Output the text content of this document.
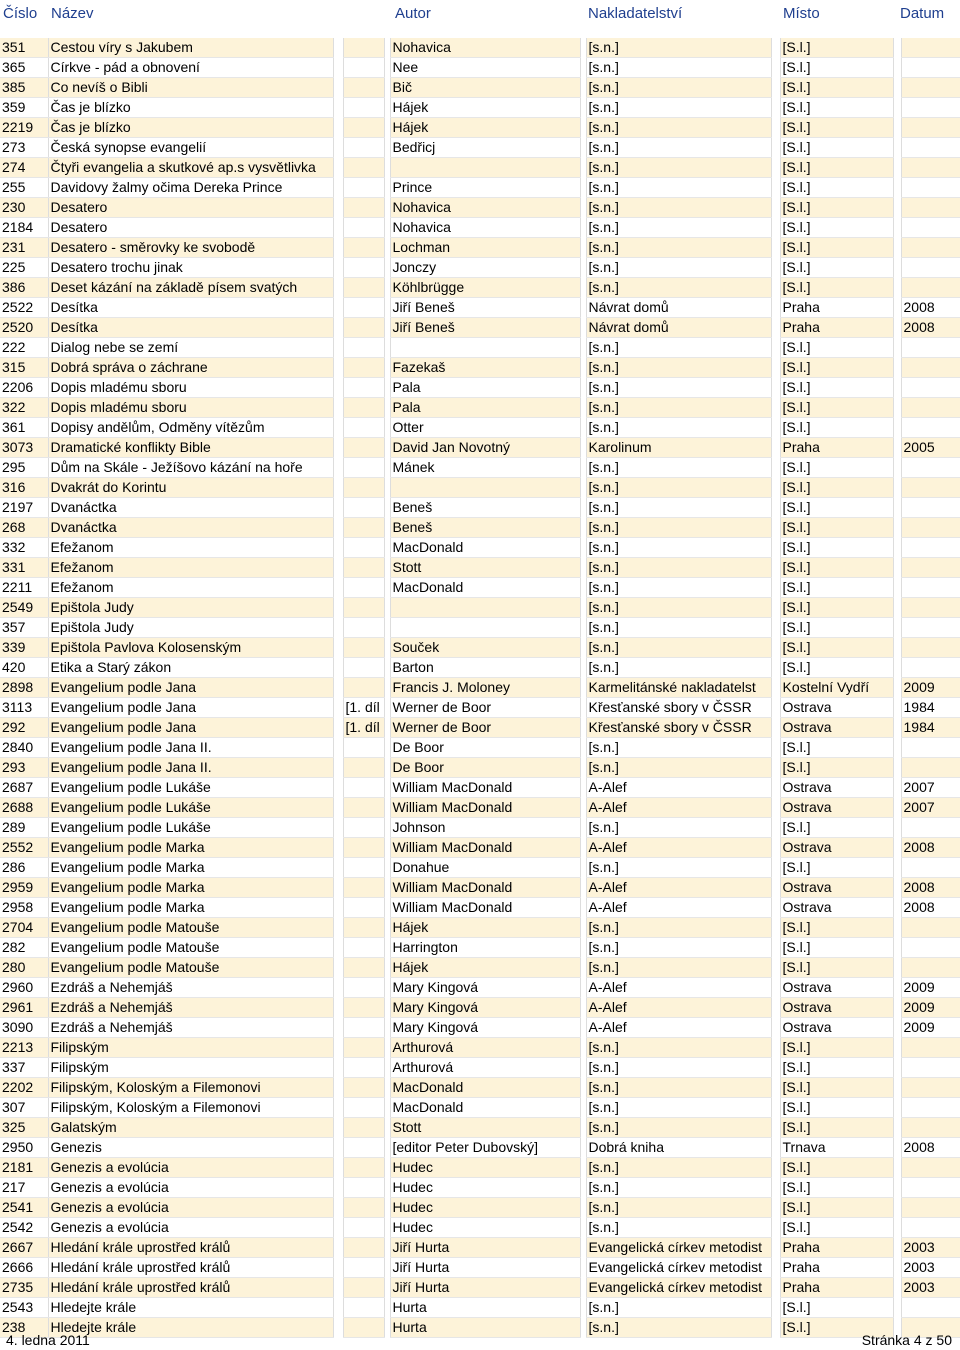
Číslo Název	Autor	Nakladatelství	Místo	Datum
351	Cestou víry s Jakubem				Nohavica		[s.n.]		[S.l.]		
365	Církve - pád a obnovení				Nee		[s.n.]		[S.l.]		
385	Co nevíš o Bibli				Bič		[s.n.]		[S.l.]		
359	Čas je blízko				Hájek		[s.n.]		[S.l.]		
2219	Čas je blízko				Hájek		[s.n.]		[S.l.]		
273	Česká synopse evangelií				Bedřicj		[s.n.]		[S.l.]		
274	Čtyři evangelia a skutkové ap.s vysvětlivka						[s.n.]		[S.l.]		
255	Davidovy žalmy očima Dereka Prince				Prince		[s.n.]		[S.l.]		
230	Desatero				Nohavica		[s.n.]		[S.l.]		
2184	Desatero				Nohavica		[s.n.]		[S.l.]		
231	Desatero - směrovky ke svobodě				Lochman		[s.n.]		[S.l.]		
225	Desatero trochu jinak				Jonczy		[s.n.]		[S.l.]		
386	Deset kázání na základě písem svatých				Köhlbrügge		[s.n.]		[S.l.]		
2522	Desítka				Jiří Beneš		Návrat domů		Praha		2008
2520	Desítka				Jiří Beneš		Návrat domů		Praha		2008
222	Dialog nebe se zemí						[s.n.]		[S.l.]		
315	Dobrá správa o záchrane				Fazekaš		[s.n.]		[S.l.]		
2206	Dopis mladému sboru				Pala		[s.n.]		[S.l.]		
322	Dopis mladému sboru				Pala		[s.n.]		[S.l.]		
361	Dopisy andělům, Odměny vítězům				Otter		[s.n.]		[S.l.]		
3073	Dramatické konflikty Bible				David Jan Novotný		Karolinum		Praha		2005
295	Dům na Skále - Ježíšovo kázání na hoře				Mánek		[s.n.]		[S.l.]		
316	Dvakrát do Korintu						[s.n.]		[S.l.]		
2197	Dvanáctka				Beneš		[s.n.]		[S.l.]		
268	Dvanáctka				Beneš		[s.n.]		[S.l.]		
332	Efežanom				MacDonald		[s.n.]		[S.l.]		
331	Efežanom				Stott		[s.n.]		[S.l.]		
2211	Efežanom				MacDonald		[s.n.]		[S.l.]		
2549	Epištola Judy						[s.n.]		[S.l.]		
357	Epištola Judy						[s.n.]		[S.l.]		
339	Epištola Pavlova Kolosenským				Souček		[s.n.]		[S.l.]		
420	Etika a Starý zákon				Barton		[s.n.]		[S.l.]		
2898	Evangelium podle Jana				Francis J. Moloney		Karmelitánské nakladatelst		Kostelní Vydří		2009
3113	Evangelium podle Jana		[1. díl		Werner de Boor		Křesťanské sbory v ČSSR		Ostrava		1984
292	Evangelium podle Jana		[1. díl		Werner de Boor		Křesťanské sbory v ČSSR		Ostrava		1984
2840	Evangelium podle Jana II.				De Boor		[s.n.]		[S.l.]		
293	Evangelium podle Jana II.				De Boor		[s.n.]		[S.l.]		
2687	Evangelium podle Lukáše				William MacDonald		A-Alef		Ostrava		2007
2688	Evangelium podle Lukáše				William MacDonald		A-Alef		Ostrava		2007
289	Evangelium podle Lukáše				Johnson		[s.n.]		[S.l.]		
2552	Evangelium podle Marka				William MacDonald		A-Alef		Ostrava		2008
286	Evangelium podle Marka				Donahue		[s.n.]		[S.l.]		
2959	Evangelium podle Marka				William MacDonald		A-Alef		Ostrava		2008
2958	Evangelium podle Marka				William MacDonald		A-Alef		Ostrava		2008
2704	Evangelium podle Matouše				Hájek		[s.n.]		[S.l.]		
282	Evangelium podle Matouše				Harrington		[s.n.]		[S.l.]		
280	Evangelium podle Matouše				Hájek		[s.n.]		[S.l.]		
2960	Ezdráš a Nehemjáš				Mary Kingová		A-Alef		Ostrava		2009
2961	Ezdráš a Nehemjáš				Mary Kingová		A-Alef		Ostrava		2009
3090	Ezdráš a Nehemjáš				Mary Kingová		A-Alef		Ostrava		2009
2213	Filipským				Arthurová		[s.n.]		[S.l.]		
337	Filipským				Arthurová		[s.n.]		[S.l.]		
2202	Filipským, Koloským a Filemonovi				MacDonald		[s.n.]		[S.l.]		
307	Filipským, Koloským a Filemonovi				MacDonald		[s.n.]		[S.l.]		
325	Galatským				Stott		[s.n.]		[S.l.]		
2950	Genezis				[editor Peter Dubovský]		Dobrá kniha		Trnava		2008
2181	Genezis a evolúcia				Hudec		[s.n.]		[S.l.]		
217	Genezis a evolúcia				Hudec		[s.n.]		[S.l.]		
2541	Genezis a evolúcia				Hudec		[s.n.]		[S.l.]		
2542	Genezis a evolúcia				Hudec		[s.n.]		[S.l.]		
2667	Hledání krále uprostřed králů				Jiří Hurta		Evangelická církev metodist		Praha		2003
2666	Hledání krále uprostřed králů				Jiří Hurta		Evangelická církev metodist		Praha		2003
2735	Hledání krále uprostřed králů				Jiří Hurta		Evangelická církev metodist		Praha		2003
2543	Hledejte krále				Hurta		[s.n.]		[S.l.]		
238	Hledejte krále				Hurta		[s.n.]		[S.l.]		
4. ledna 2011	Stránka 4 z 50
